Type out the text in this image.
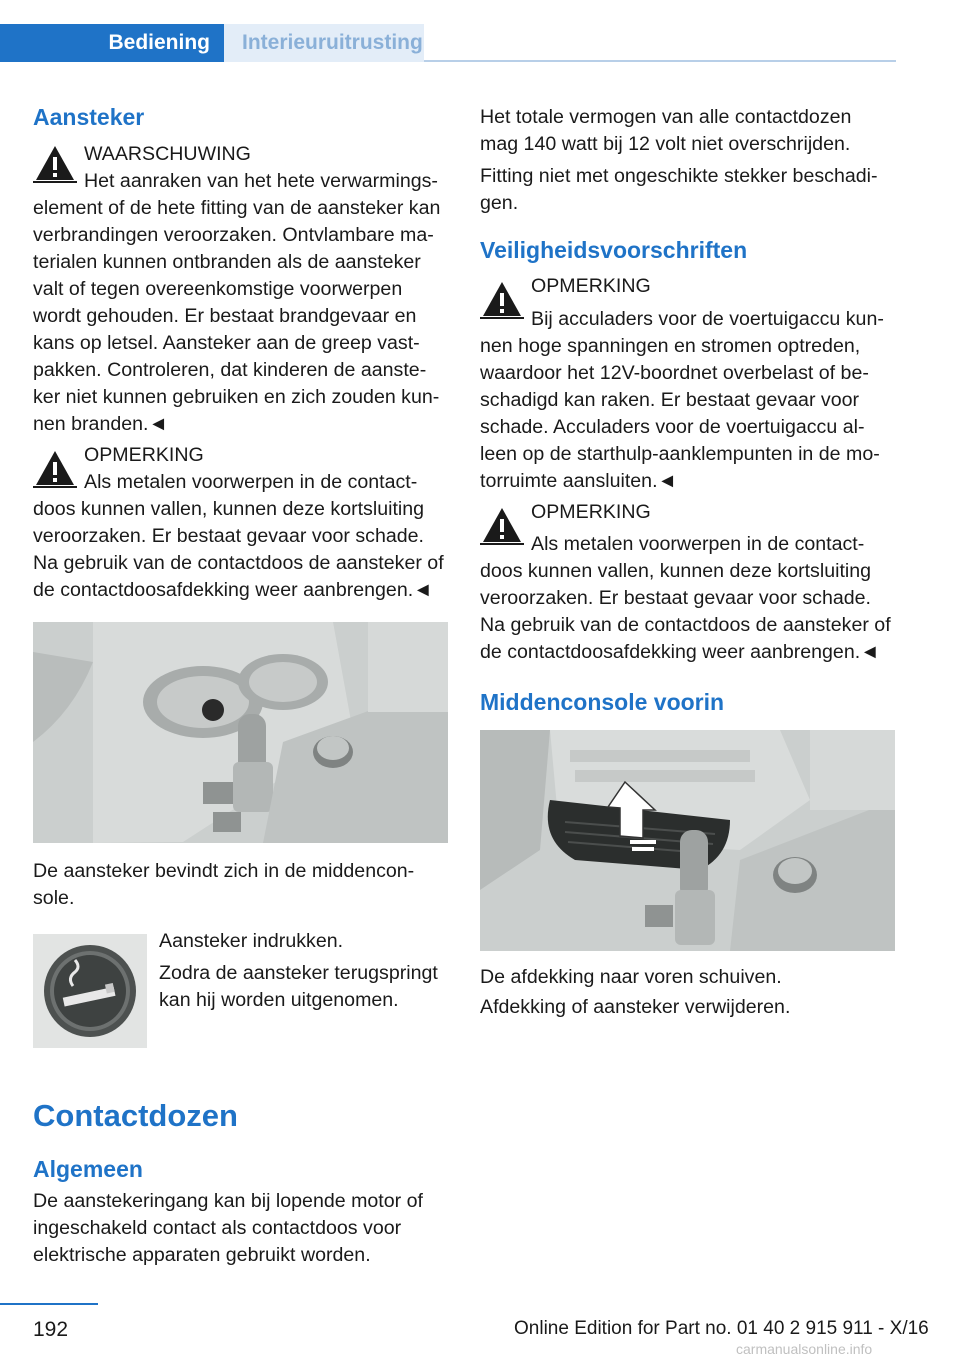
Bediening	Interieuruitrusting
Aansteker
WAARSCHUWING
Het aanraken van het hete verwarmings-
element of de hete fitting van de aansteker kan
verbrandingen veroorzaken. Ontvlambare ma-
terialen kunnen ontbranden als de aansteker
valt of tegen overeenkomstige voorwerpen
wordt gehouden. Er bestaat brandgevaar en
kans op letsel. Aansteker aan de greep vast-
pakken. Controleren, dat kinderen de aanste-
ker niet kunnen gebruiken en zich zouden kun-
nen branden.◄
OPMERKING
Als metalen voorwerpen in de contact-
doos kunnen vallen, kunnen deze kortsluiting
veroorzaken. Er bestaat gevaar voor schade.
Na gebruik van de contactdoos de aansteker of
de contactdoosafdekking weer aanbrengen.◄
De aansteker bevindt zich in de middencon-
sole.
Aansteker indrukken.
Zodra de aansteker terugspringt
kan hij worden uitgenomen.
Contactdozen
Algemeen
De aanstekeringang kan bij lopende motor of
ingeschakeld contact als contactdoos voor
elektrische apparaten gebruikt worden.
Het totale vermogen van alle contactdozen
mag 140 watt bij 12 volt niet overschrijden.
Fitting niet met ongeschikte stekker beschadi-
gen.
Veiligheidsvoorschriften
OPMERKING
Bij acculaders voor de voertuigaccu kun-
nen hoge spanningen en stromen optreden,
waardoor het 12V-boordnet overbelast of be-
schadigd kan raken. Er bestaat gevaar voor
schade. Acculaders voor de voertuigaccu al-
leen op de starthulp-aanklempunten in de mo-
torruimte aansluiten.◄
OPMERKING
Als metalen voorwerpen in de contact-
doos kunnen vallen, kunnen deze kortsluiting
veroorzaken. Er bestaat gevaar voor schade.
Na gebruik van de contactdoos de aansteker of
de contactdoosafdekking weer aanbrengen.◄
Middenconsole voorin
De afdekking naar voren schuiven.
Afdekking of aansteker verwijderen.
192	Online Edition for Part no. 01 40 2 915 911 - X/16
carmanualsonline.info
